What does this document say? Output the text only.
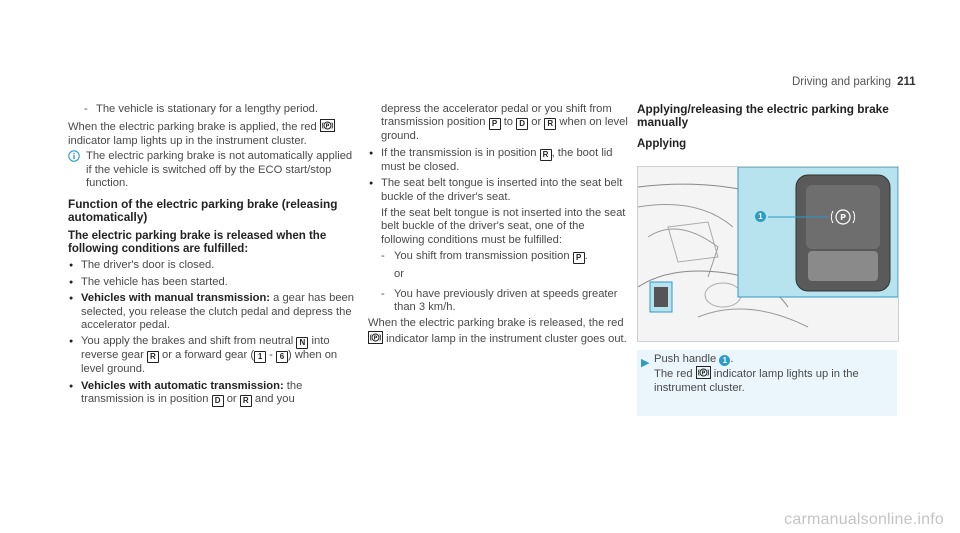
Driving and parking 211
- The vehicle is stationary for a lengthy period.

When the electric parking brake is applied, the red P
indicator lamp lights up in the instrument cluster.

The electric parking brake is not automatically applied if the vehicle is switched off by the ECO start/stop function.
Function of the electric parking brake (releasing automatically)
The electric parking brake is released when the following conditions are fulfilled:
● The driver's door is closed.
● The vehicle has been started.
● Vehicles with manual transmission: a gear has been selected, you release the clutch pedal and depress the accelerator pedal.
● You apply the brakes and shift from neutral N into reverse gear R or a forward gear ( 1 - 6 ) when on level ground.
● Vehicles with automatic transmission: the transmission is in position D or R and you
depress the accelerator pedal or you shift from transmission position P to D or R when on level ground.
● If the transmission is in position R , the boot lid must be closed.
● The seat belt tongue is inserted into the seat belt buckle of the driver's seat.
If the seat belt tongue is not inserted into the seat belt buckle of the driver's seat, one of the following conditions must be fulfilled:
- You shift from transmission position P .
or
- You have previously driven at speeds greater than 3 km/h.

When the electric parking brake is released, the red
P indicator lamp in the instrument cluster goes out.

Applying/releasing the electric parking brake manually
Applying
P
1
▶ Push handle 1 .
The red P indicator lamp lights up in the instrument cluster.
carmanualsonline.info
